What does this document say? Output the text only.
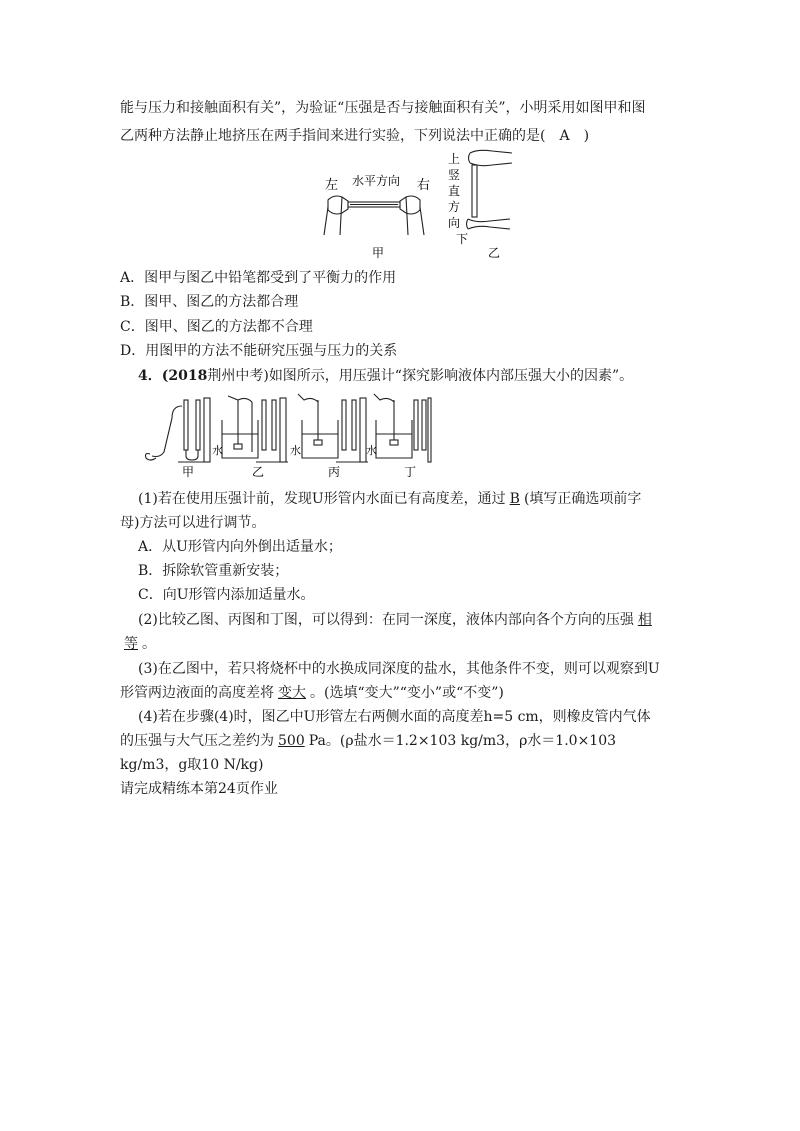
能与压力和接触面积有关”，为验证“压强是否与接触面积有关”，小明采用如图甲和图
乙两种方法静止地挤压在两手指间来进行实验，下列说法中正确的是(　A　)
左 水平方向 右
甲
上
竖
直
方
向
下
乙
A．图甲与图乙中铅笔都受到了平衡力的作用
B．图甲、图乙的方法都合理
C．图甲、图乙的方法都不合理
D．用图甲的方法不能研究压强与压力的关系
4．(2018荆州中考)如图所示，用压强计“探究影响液体内部压强大小的因素”。
水	水	水
甲	乙	丙	丁
(1)若在使用压强计前，发现U形管内水面已有高度差，通过 B (填写正确选项前字
母)方法可以进行调节。
A．从U形管内向外倒出适量水；
B．拆除软管重新安装；
C．向U形管内添加适量水。
(2)比较乙图、丙图和丁图，可以得到：在同一深度，液体内部向各个方向的压强 相
等 。
(3)在乙图中，若只将烧杯中的水换成同深度的盐水，其他条件不变，则可以观察到U
形管两边液面的高度差将 变大 。(选填“变大”“变小”或“不变”)
(4)若在步骤(4)时，图乙中U形管左右两侧水面的高度差h=5 cm，则橡皮管内气体
的压强与大气压之差约为 500 Pa。(ρ盐水＝1.2×103 kg/m3，ρ水＝1.0×103
kg/m3，g取10 N/kg)
请完成精练本第24页作业
